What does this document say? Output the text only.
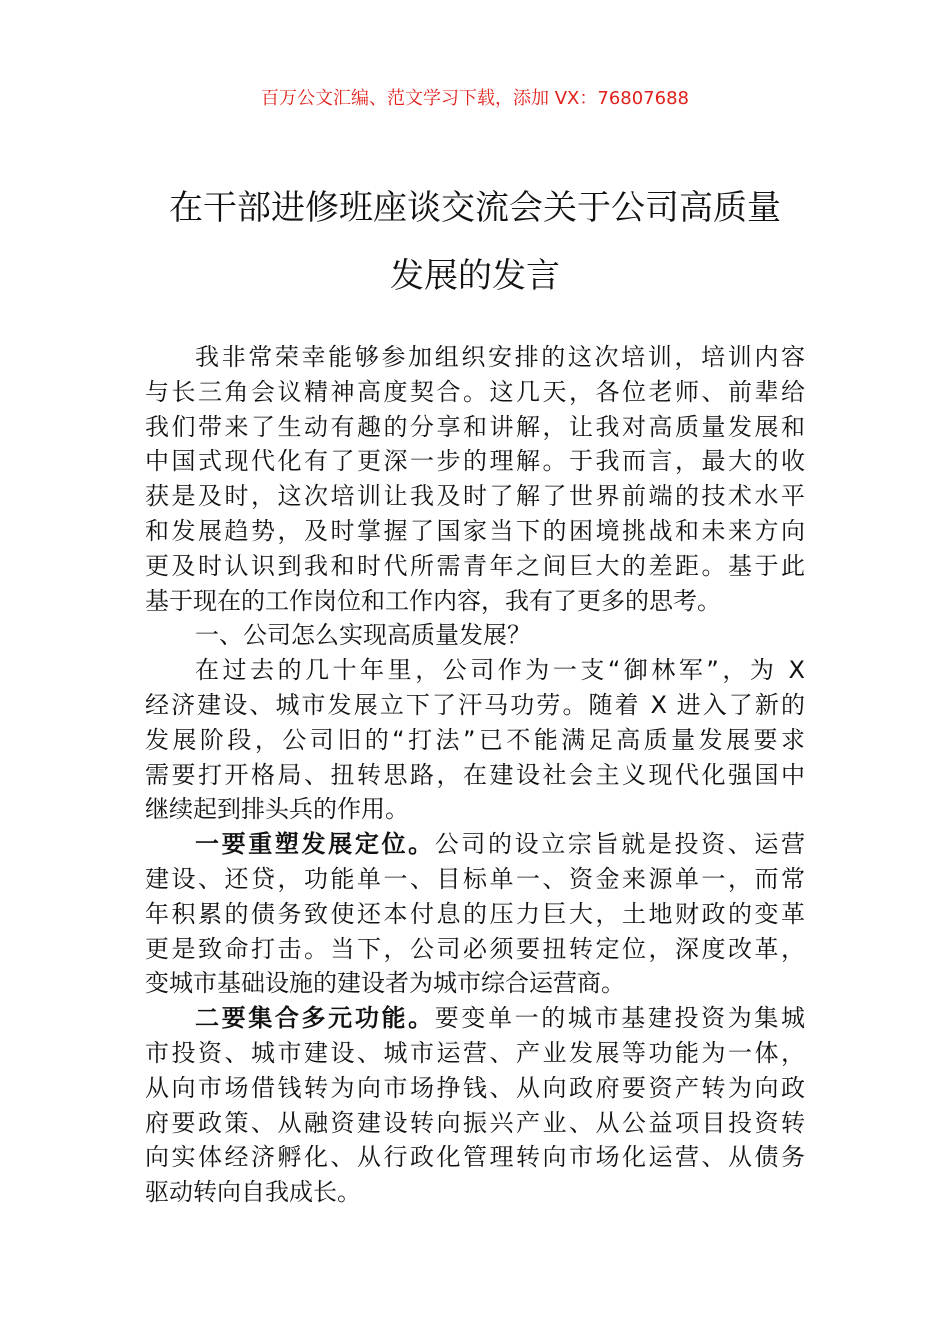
百万公文汇编、范文学习下载，添加 VX：76807688
在干部进修班座谈交流会关于公司高质量
发展的发言
我非常荣幸能够参加组织安排的这次培训，培训内容
与长三角会议精神高度契合。这几天，各位老师、前辈给
我们带来了生动有趣的分享和讲解，让我对高质量发展和
中国式现代化有了更深一步的理解。于我而言，最大的收
获是及时，这次培训让我及时了解了世界前端的技术水平
和发展趋势，及时掌握了国家当下的困境挑战和未来方向
更及时认识到我和时代所需青年之间巨大的差距。基于此
基于现在的工作岗位和工作内容，我有了更多的思考。
一、公司怎么实现高质量发展？
在过去的几十年里，公司作为一支“御林军”，为 X
经济建设、城市发展立下了汗马功劳。随着 X 进入了新的
发展阶段，公司旧的“打法”已不能满足高质量发展要求
需要打开格局、扭转思路，在建设社会主义现代化强国中
继续起到排头兵的作用。
一要重塑发展定位。公司的设立宗旨就是投资、运营
建设、还贷，功能单一、目标单一、资金来源单一，而常
年积累的债务致使还本付息的压力巨大，土地财政的变革
更是致命打击。当下，公司必须要扭转定位，深度改革，
变城市基础设施的建设者为城市综合运营商。
二要集合多元功能。要变单一的城市基建投资为集城
市投资、城市建设、城市运营、产业发展等功能为一体，
从向市场借钱转为向市场挣钱、从向政府要资产转为向政
府要政策、从融资建设转向振兴产业、从公益项目投资转
向实体经济孵化、从行政化管理转向市场化运营、从债务
驱动转向自我成长。
